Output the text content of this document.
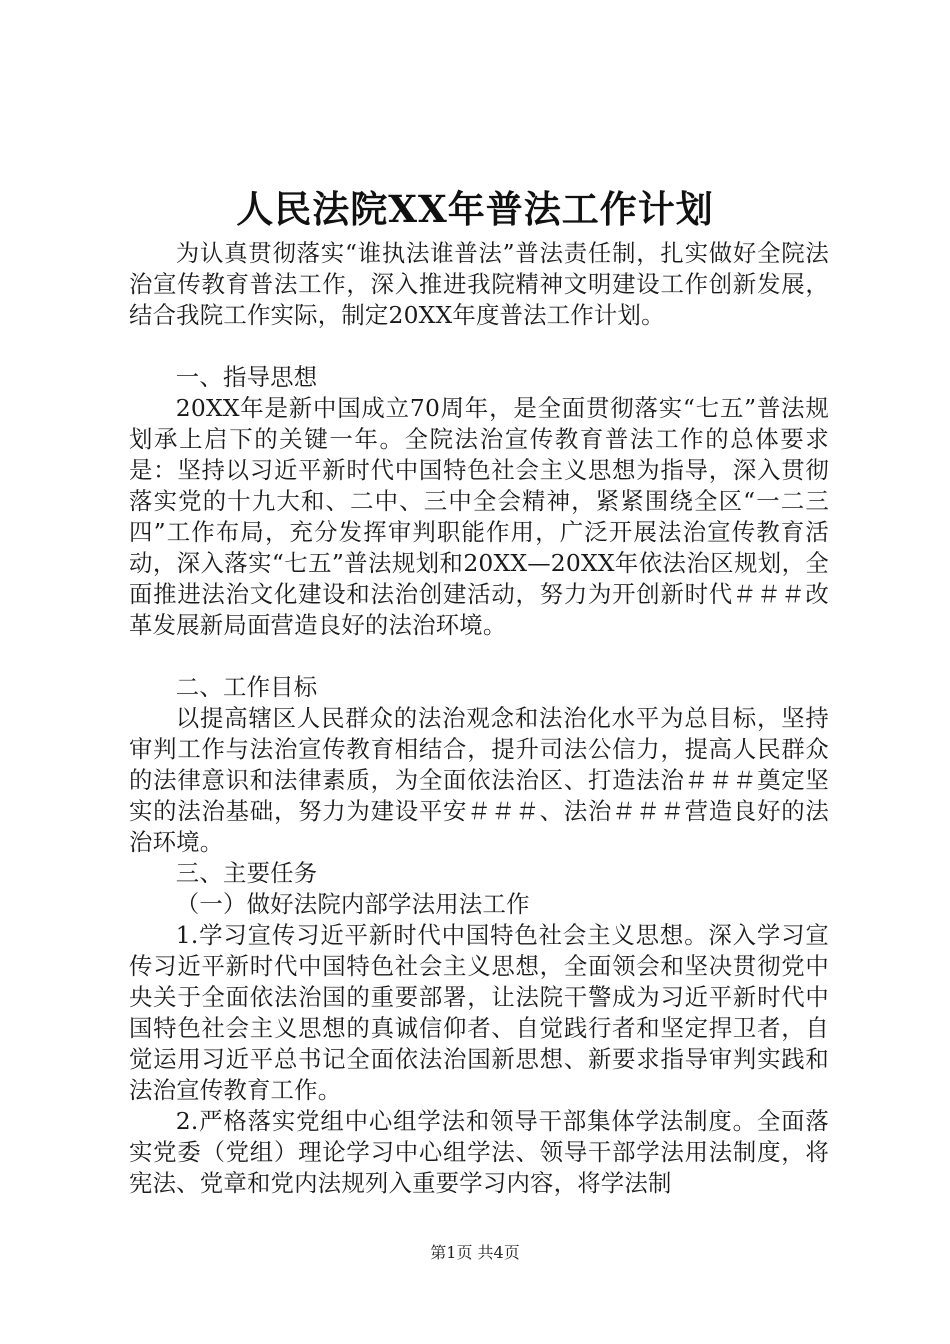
人民法院XX年普法工作计划

为认真贯彻落实“谁执法谁普法”普法责任制，扎实做好全院法治宣传教育普法工作，深入推进我院精神文明建设工作创新发展，结合我院工作实际，制定20XX年度普法工作计划。

一、指导思想

20XX年是新中国成立70周年，是全面贯彻落实“七五”普法规划承上启下的关键一年。全院法治宣传教育普法工作的总体要求是：坚持以习近平新时代中国特色社会主义思想为指导，深入贯彻落实党的十九大和、二中、三中全会精神，紧紧围绕全区“一二三四”工作布局，充分发挥审判职能作用，广泛开展法治宣传教育活动，深入落实“七五”普法规划和20XX—20XX年依法治区规划，全面推进法治文化建设和法治创建活动，努力为开创新时代＃＃＃改革发展新局面营造良好的法治环境。

二、工作目标

以提高辖区人民群众的法治观念和法治化水平为总目标，坚持审判工作与法治宣传教育相结合，提升司法公信力，提高人民群众的法律意识和法律素质，为全面依法治区、打造法治＃＃＃奠定坚实的法治基础，努力为建设平安＃＃＃、法治＃＃＃营造良好的法治环境。

三、主要任务

（一）做好法院内部学法用法工作

1.学习宣传习近平新时代中国特色社会主义思想。深入学习宣传习近平新时代中国特色社会主义思想，全面领会和坚决贯彻党中央关于全面依法治国的重要部署，让法院干警成为习近平新时代中国特色社会主义思想的真诚信仰者、自觉践行者和坚定捍卫者，自觉运用习近平总书记全面依法治国新思想、新要求指导审判实践和法治宣传教育工作。

2.严格落实党组中心组学法和领导干部集体学法制度。全面落实党委（党组）理论学习中心组学法、领导干部学法用法制度，将宪法、党章和党内法规列入重要学习内容，将学法制

第1页 共4页
